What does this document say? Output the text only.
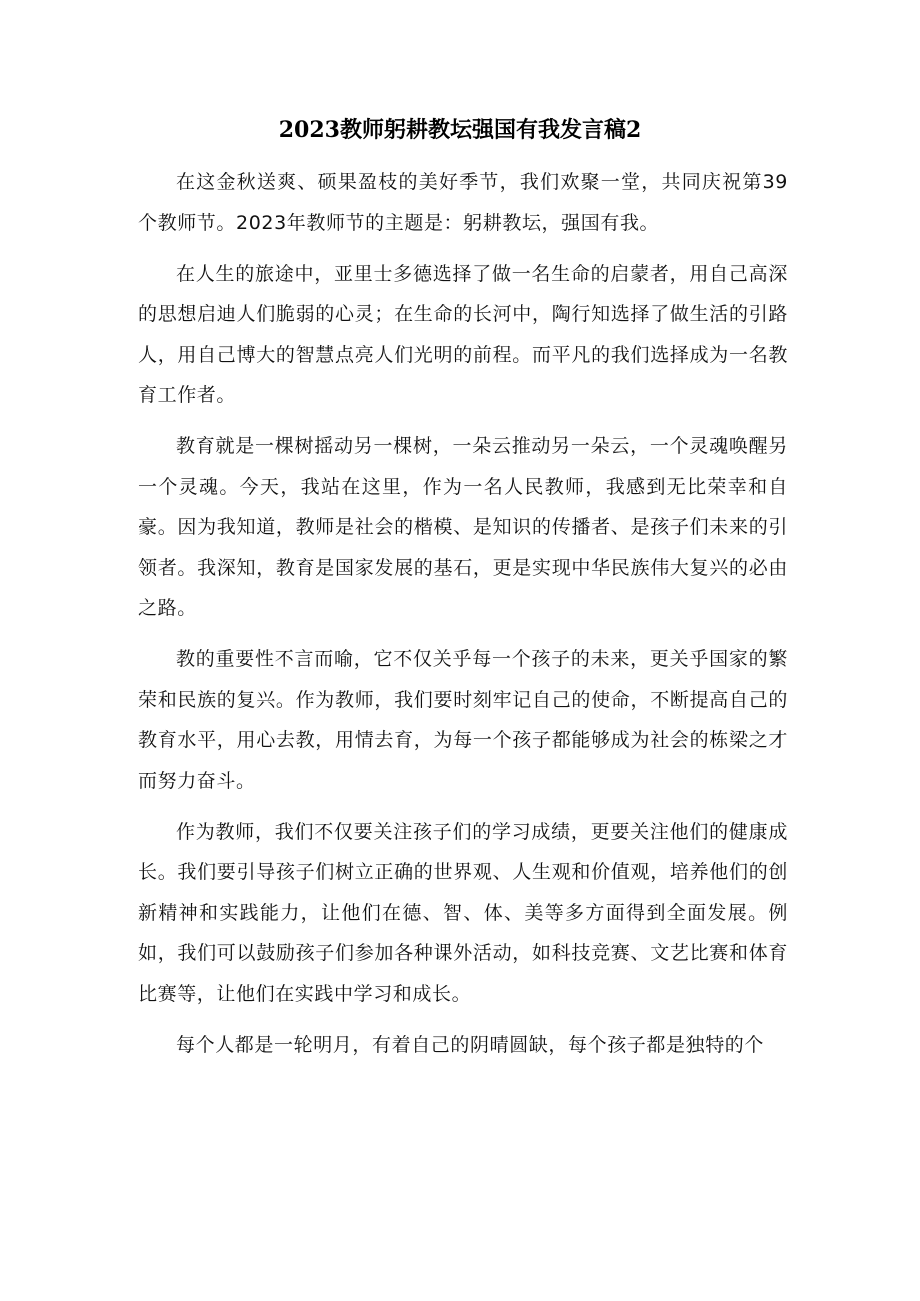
2023教师躬耕教坛强国有我发言稿2

在这金秋送爽、硕果盈枝的美好季节，我们欢聚一堂，共同庆祝第39个教师节。2023年教师节的主题是：躬耕教坛，强国有我。

在人生的旅途中，亚里士多德选择了做一名生命的启蒙者，用自己高深的思想启迪人们脆弱的心灵；在生命的长河中，陶行知选择了做生活的引路人，用自己博大的智慧点亮人们光明的前程。而平凡的我们选择成为一名教育工作者。

教育就是一棵树摇动另一棵树，一朵云推动另一朵云，一个灵魂唤醒另一个灵魂。今天，我站在这里，作为一名人民教师，我感到无比荣幸和自豪。因为我知道，教师是社会的楷模、是知识的传播者、是孩子们未来的引领者。我深知，教育是国家发展的基石，更是实现中华民族伟大复兴的必由之路。

教的重要性不言而喻，它不仅关乎每一个孩子的未来，更关乎国家的繁荣和民族的复兴。作为教师，我们要时刻牢记自己的使命，不断提高自己的教育水平，用心去教，用情去育，为每一个孩子都能够成为社会的栋梁之才而努力奋斗。

作为教师，我们不仅要关注孩子们的学习成绩，更要关注他们的健康成长。我们要引导孩子们树立正确的世界观、人生观和价值观，培养他们的创新精神和实践能力，让他们在德、智、体、美等多方面得到全面发展。例如，我们可以鼓励孩子们参加各种课外活动，如科技竞赛、文艺比赛和体育比赛等，让他们在实践中学习和成长。

每个人都是一轮明月，有着自己的阴晴圆缺，每个孩子都是独特的个
